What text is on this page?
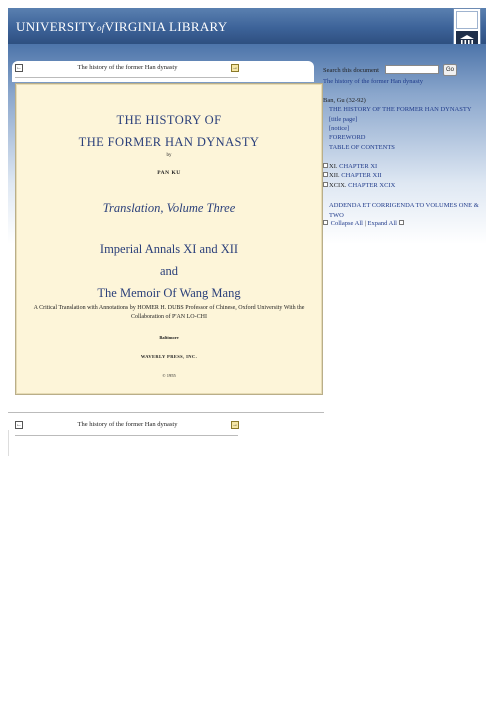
UNIVERSITYofVIRGINIA LIBRARY
←	The history of the former Han dynasty	→
THE HISTORY OF
THE FORMER HAN DYNASTY
by
PAN KU
Translation, Volume Three
Imperial Annals XI and XII
and
The Memoir Of Wang Mang
A Critical Translation with Annotations by HOMER H. DUBS Professor of Chinese, Oxford University With the Collaboration of P'AN LO-CHI
Baltimore
WAVERLY PRESS, INC.
© 1955
←	The history of the former Han dynasty	→
Search this document	Go
The history of the former Han dynasty
Ban, Gu (32-92)
THE HISTORY OF THE FORMER HAN DYNASTY
[title page]
[notice]
FOREWORD
TABLE OF CONTENTS
XI. CHAPTER XI
XII. CHAPTER XII
XCIX. CHAPTER XCIX
ADDENDA ET CORRIGENDA TO VOLUMES ONE & TWO
Collapse All | Expand All
